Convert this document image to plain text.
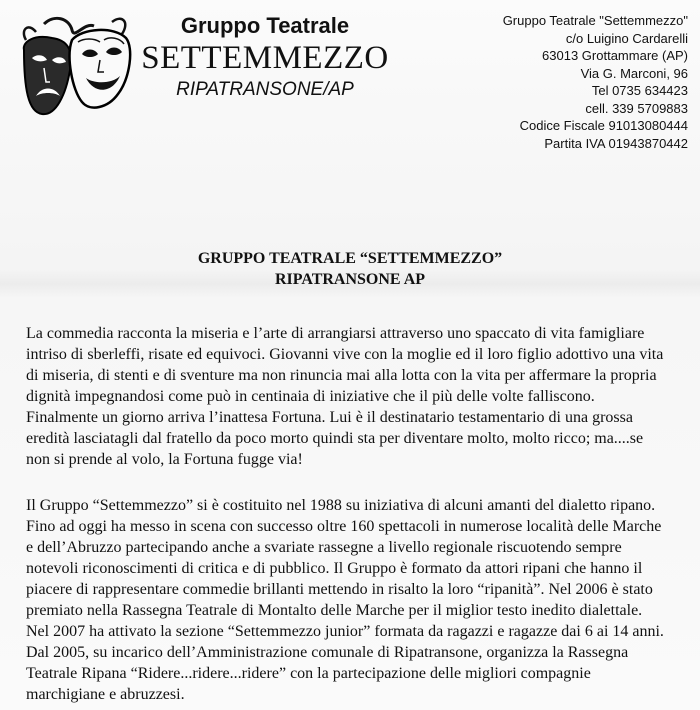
Gruppo Teatrale
SETTEMMEZZO
RIPATRANSONE/AP
Gruppo Teatrale "Settemmezzo"
c/o Luigino Cardarelli
63013 Grottammare (AP)
Via G. Marconi, 96
Tel 0735 634423
cell. 339 5709883
Codice Fiscale 91013080444
Partita IVA 01943870442
GRUPPO TEATRALE “SETTEMMEZZO”
RIPATRANSONE AP
La commedia racconta la miseria e l’arte di arrangiarsi attraverso uno spaccato di vita famigliare
intriso di sberleffi, risate ed equivoci. Giovanni vive con la moglie ed il loro figlio adottivo una vita
di miseria, di stenti e di sventure ma non rinuncia mai alla lotta con la vita per affermare la propria
dignità impegnandosi come può in centinaia di iniziative che il più delle volte falliscono.
Finalmente un giorno arriva l’inattesa Fortuna. Lui è il destinatario testamentario di una grossa
eredità lasciatagli dal fratello da poco morto quindi sta per diventare molto, molto ricco; ma....se
non si prende al volo, la Fortuna fugge via!
Il Gruppo “Settemmezzo” si è costituito nel 1988 su iniziativa di alcuni amanti del dialetto ripano.
Fino ad oggi ha messo in scena con successo oltre 160 spettacoli in numerose località delle Marche
e dell’Abruzzo partecipando anche a svariate rassegne a livello regionale riscuotendo sempre
notevoli riconoscimenti di critica e di pubblico. Il Gruppo è formato da attori ripani che hanno il
piacere di rappresentare commedie brillanti mettendo in risalto la loro “ripanità”. Nel 2006 è stato
premiato nella Rassegna Teatrale di Montalto delle Marche per il miglior testo inedito dialettale.
Nel 2007 ha attivato la sezione “Settemmezzo junior” formata da ragazzi e ragazze dai 6 ai 14 anni.
Dal 2005, su incarico dell’Amministrazione comunale di Ripatransone, organizza la Rassegna
Teatrale Ripana “Ridere...ridere...ridere” con la partecipazione delle migliori compagnie
marchigiane e abruzzesi.
